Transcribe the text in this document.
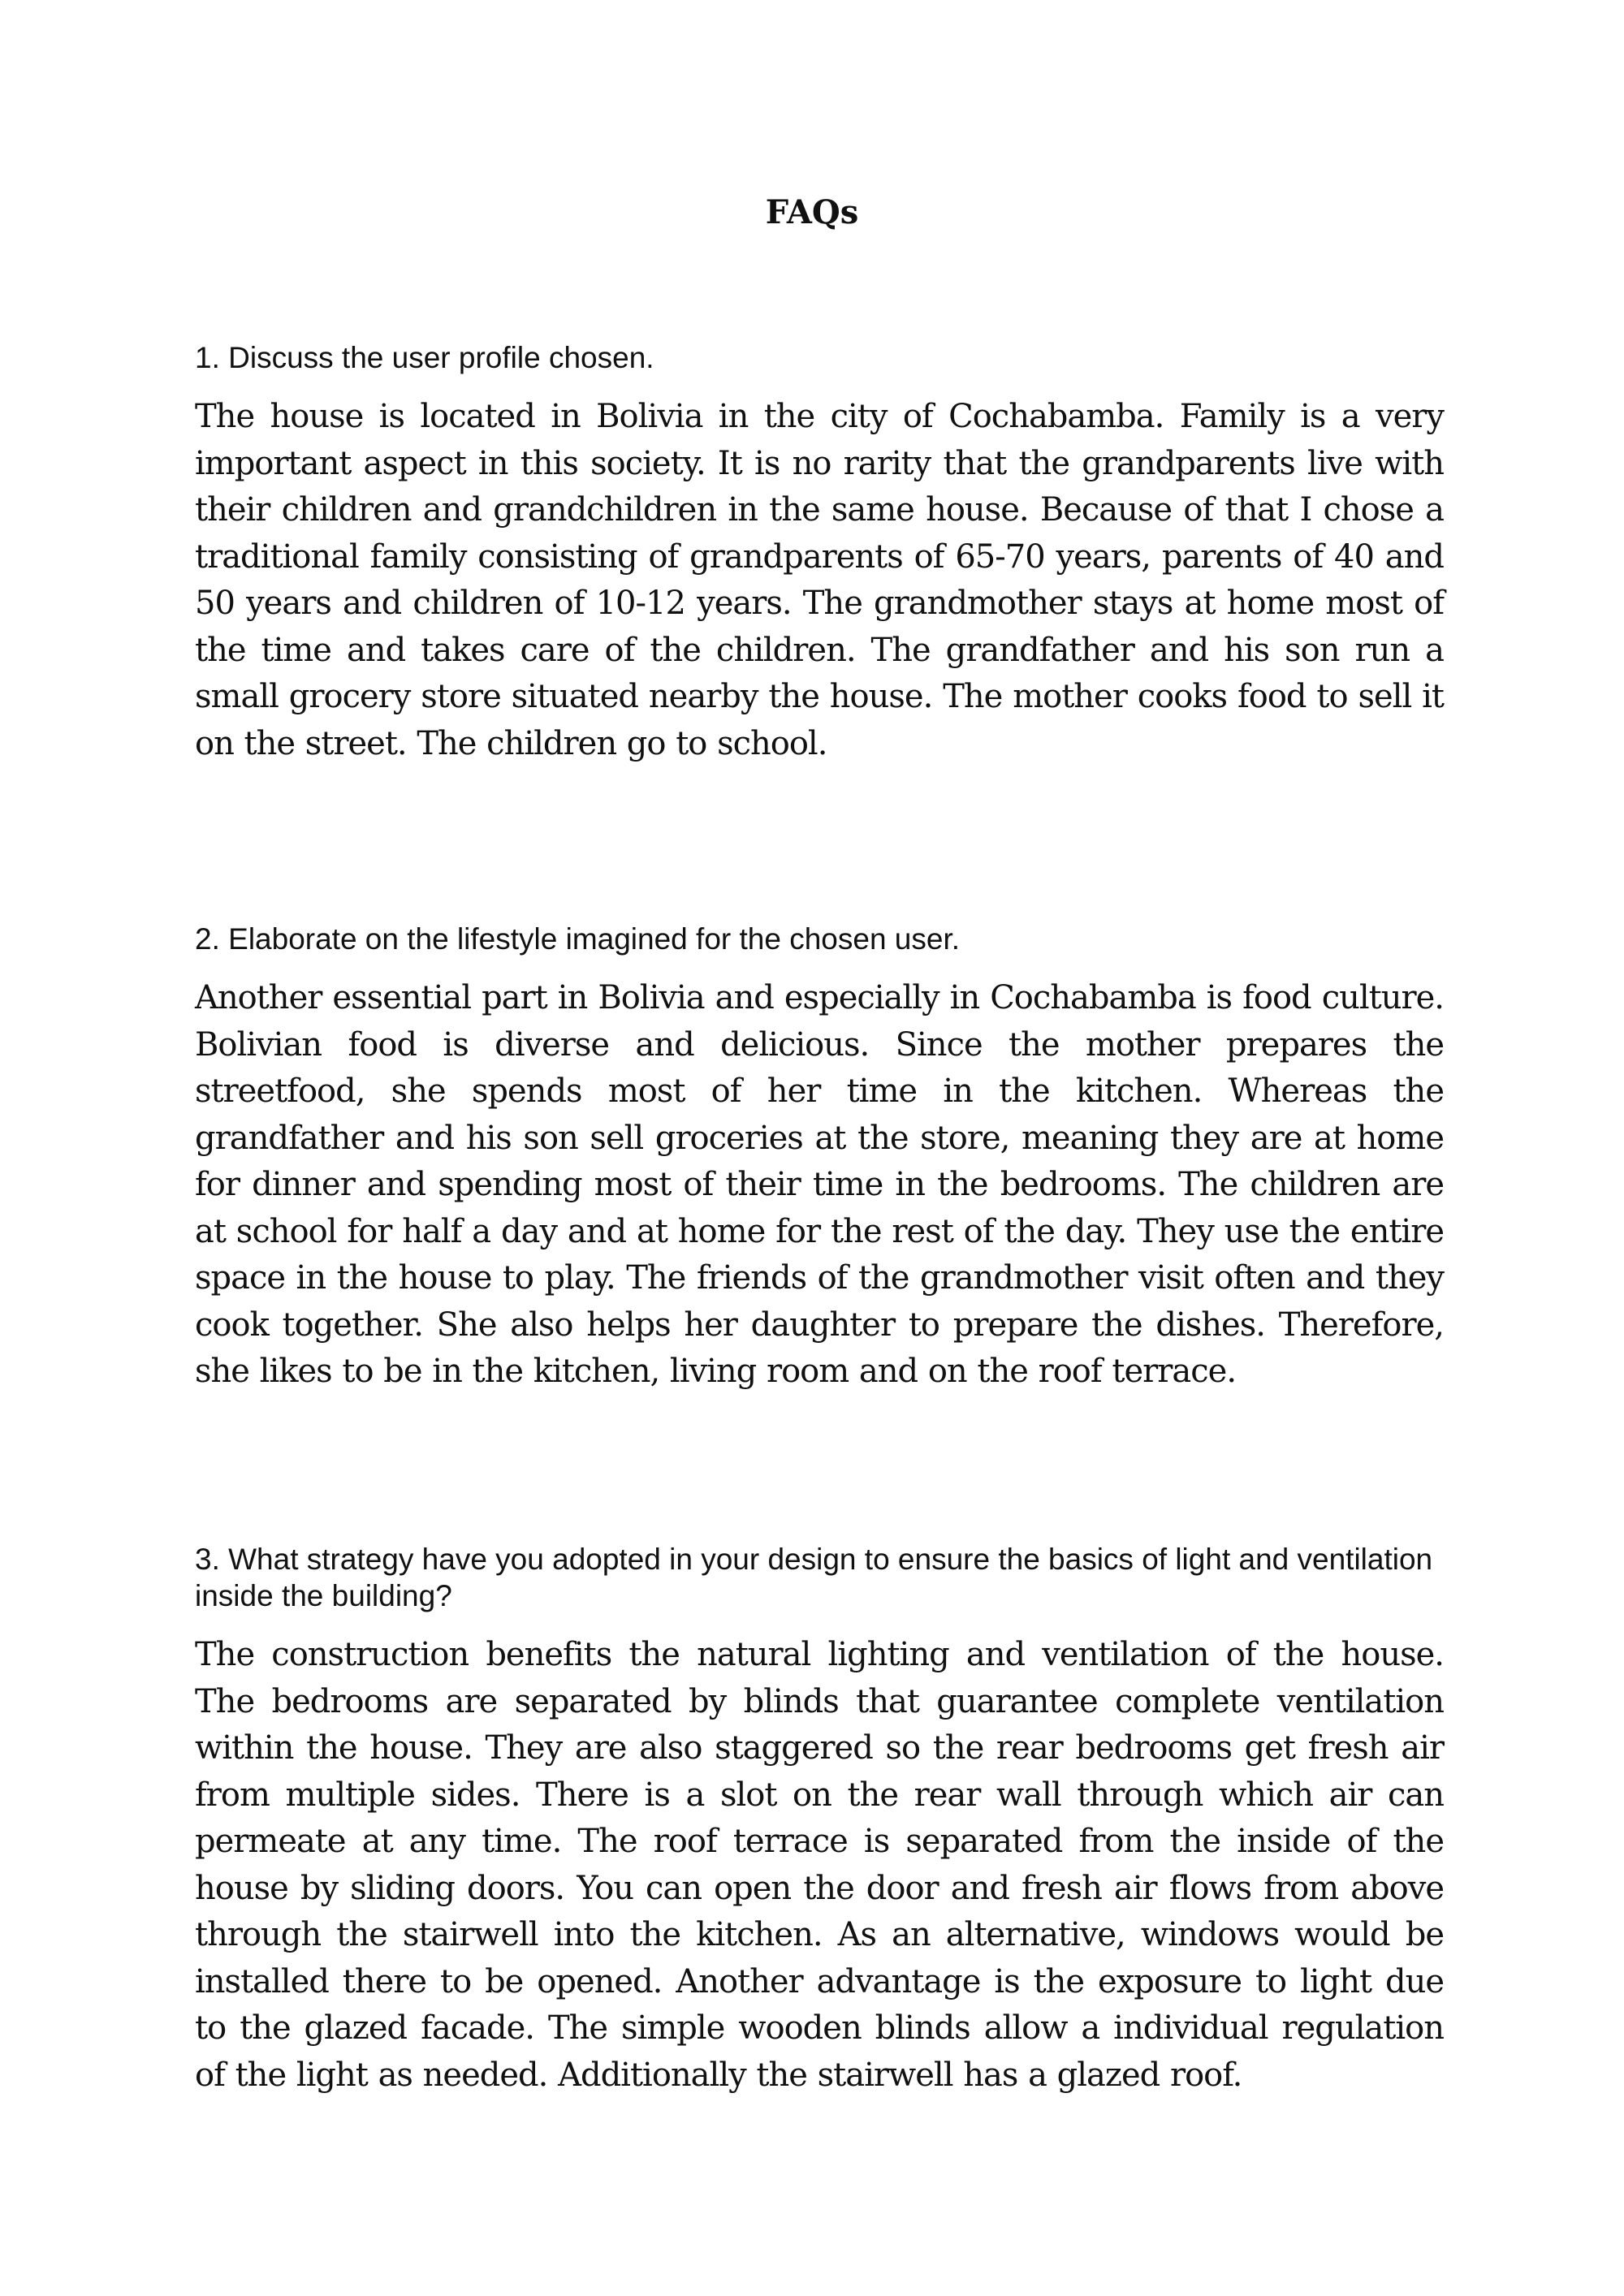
FAQs

1. Discuss the user profile chosen.

The house is located in Bolivia in the city of Cochabamba. Family is a very important aspect in this society. It is no rarity that the grandparents live with their children and grandchildren in the same house. Because of that I chose a traditional family consisting of grandparents of 65-70 years, parents of 40 and 50 years and children of 10-12 years. The grandmother stays at home most of the time and takes care of the children. The grandfather and his son run a small grocery store situated nearby the house. The mother cooks food to sell it on the street. The children go to school.

2. Elaborate on the lifestyle imagined for the chosen user.

Another essential part in Bolivia and especially in Cochabamba is food culture. Bolivian food is diverse and delicious. Since the mother prepares the streetfood, she spends most of her time in the kitchen. Whereas the grandfather and his son sell groceries at the store, meaning they are at home for dinner and spending most of their time in the bedrooms. The children are at school for half a day and at home for the rest of the day. They use the entire space in the house to play. The friends of the grandmother visit often and they cook together. She also helps her daughter to prepare the dishes. Therefore, she likes to be in the kitchen, living room and on the roof terrace.

3. What strategy have you adopted in your design to ensure the basics of light and ventilation inside the building?

The construction benefits the natural lighting and ventilation of the house. The bedrooms are separated by blinds that guarantee complete ventilation within the house. They are also staggered so the rear bedrooms get fresh air from multiple sides. There is a slot on the rear wall through which air can permeate at any time. The roof terrace is separated from the inside of the house by sliding doors. You can open the door and fresh air flows from above through the stairwell into the kitchen. As an alternative, windows would be installed there to be opened. Another advantage is the exposure to light due to the glazed facade. The simple wooden blinds allow a individual regulation of the light as needed. Additionally the stairwell has a glazed roof.
